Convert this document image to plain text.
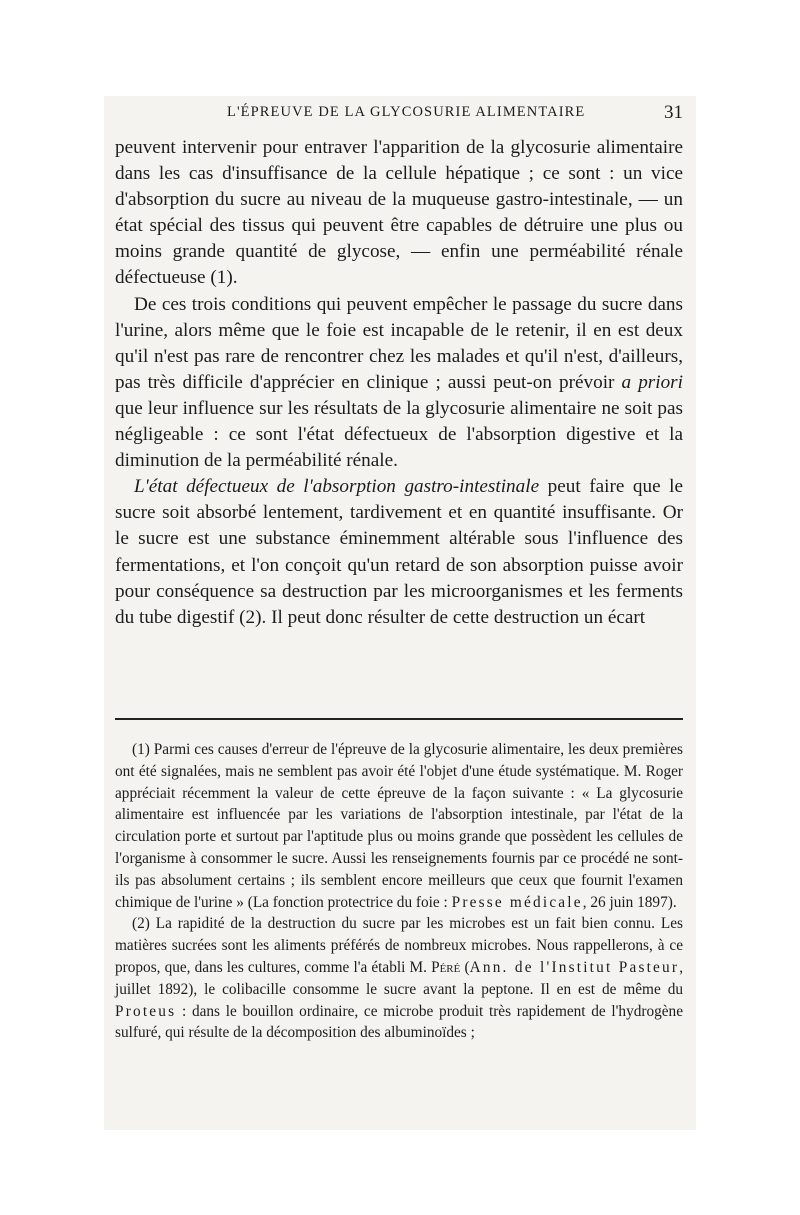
L'ÉPREUVE DE LA GLYCOSURIE ALIMENTAIRE	31

peuvent intervenir pour entraver l'apparition de la glycosurie alimentaire dans les cas d'insuffisance de la cellule hépatique ; ce sont : un vice d'absorption du sucre au niveau de la muqueuse gastro-intestinale, — un état spécial des tissus qui peuvent être capables de détruire une plus ou moins grande quantité de glycose, — enfin une perméabilité rénale défectueuse (1).

De ces trois conditions qui peuvent empêcher le passage du sucre dans l'urine, alors même que le foie est incapable de le retenir, il en est deux qu'il n'est pas rare de rencontrer chez les malades et qu'il n'est, d'ailleurs, pas très difficile d'apprécier en clinique ; aussi peut-on prévoir a priori que leur influence sur les résultats de la glycosurie alimentaire ne soit pas négligeable : ce sont l'état défectueux de l'absorption digestive et la diminution de la perméabilité rénale.

L'état défectueux de l'absorption gastro-intestinale peut faire que le sucre soit absorbé lentement, tardivement et en quantité insuffisante. Or le sucre est une substance éminemment altérable sous l'influence des fermentations, et l'on conçoit qu'un retard de son absorption puisse avoir pour conséquence sa destruction par les microorganismes et les ferments du tube digestif (2). Il peut donc résulter de cette destruction un écart

(1) Parmi ces causes d'erreur de l'épreuve de la glycosurie alimentaire, les deux premières ont été signalées, mais ne semblent pas avoir été l'objet d'une étude systématique. M. Roger appréciait récemment la valeur de cette épreuve de la façon suivante : « La glycosurie alimentaire est influencée par les variations de l'absorption intestinale, par l'état de la circulation porte et surtout par l'aptitude plus ou moins grande que possèdent les cellules de l'organisme à consommer le sucre. Aussi les renseignements fournis par ce procédé ne sont-ils pas absolument certains ; ils semblent encore meilleurs que ceux que fournit l'examen chimique de l'urine » (La fonction protectrice du foie : Presse médicale, 26 juin 1897).

(2) La rapidité de la destruction du sucre par les microbes est un fait bien connu. Les matières sucrées sont les aliments préférés de nombreux microbes. Nous rappellerons, à ce propos, que, dans les cultures, comme l'a établi M. Péré (Ann. de l'Institut Pasteur, juillet 1892), le colibacille consomme le sucre avant la peptone. Il en est de même du Proteus : dans le bouillon ordinaire, ce microbe produit très rapidement de l'hydrogène sulfuré, qui résulte de la décomposition des albuminoïdes ;
